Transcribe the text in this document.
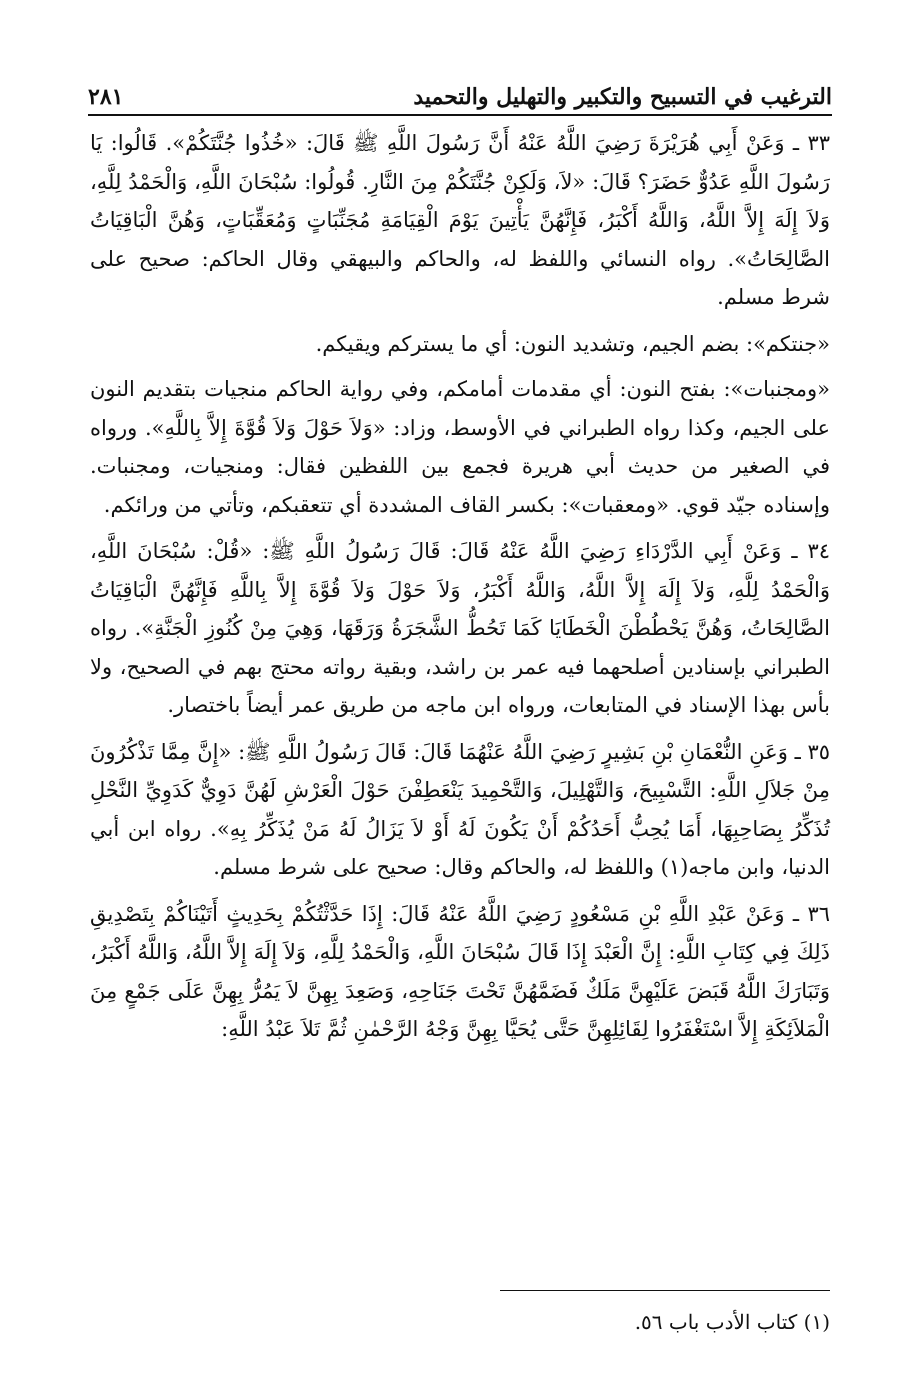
الترغيب في التسبيح والتكبير والتهليل والتحميد
٢٨١

٣٣ ـ وَعَنْ أَبِي هُرَيْرَةَ رَضِيَ اللَّهُ عَنْهُ أَنَّ رَسُولَ اللَّهِ ﷺ قَالَ: «خُذُوا جُنَّتَكُمْ». قَالُوا: يَا رَسُولَ اللَّهِ عَدُوٌّ حَضَرَ؟ قَالَ: «لاَ، وَلَكِنْ جُنَّتَكُمْ مِنَ النَّارِ. قُولُوا: سُبْحَانَ اللَّهِ، وَالْحَمْدُ لِلَّهِ، وَلاَ إِلَهَ إِلاَّ اللَّهُ، وَاللَّهُ أَكْبَرُ، فَإِنَّهُنَّ يَأْتِينَ يَوْمَ الْقِيَامَةِ مُجَنِّبَاتٍ وَمُعَقِّبَاتٍ، وَهُنَّ الْبَاقِيَاتُ الصَّالِحَاتُ». رواه النسائي واللفظ له، والحاكم والبيهقي وقال الحاكم: صحيح على شرط مسلم.

«جنتكم»: بضم الجيم، وتشديد النون: أي ما يستركم ويقيكم.

«ومجنبات»: بفتح النون: أي مقدمات أمامكم، وفي رواية الحاكم منجيات بتقديم النون على الجيم، وكذا رواه الطبراني في الأوسط، وزاد: «وَلاَ حَوْلَ وَلاَ قُوَّةَ إِلاَّ بِاللَّهِ». ورواه في الصغير من حديث أبي هريرة فجمع بين اللفظين فقال: ومنجيات، ومجنبات. وإسناده جيّد قوي. «ومعقبات»: بكسر القاف المشددة أي تتعقبكم، وتأتي من ورائكم.

٣٤ ـ وَعَنْ أَبِي الدَّرْدَاءِ رَضِيَ اللَّهُ عَنْهُ قَالَ: قَالَ رَسُولُ اللَّهِ ﷺ: «قُلْ: سُبْحَانَ اللَّهِ، وَالْحَمْدُ لِلَّهِ، وَلاَ إِلَهَ إِلاَّ اللَّهُ، وَاللَّهُ أَكْبَرُ، وَلاَ حَوْلَ وَلاَ قُوَّةَ إِلاَّ بِاللَّهِ فَإِنَّهُنَّ الْبَاقِيَاتُ الصَّالِحَاتُ، وَهُنَّ يَحْطُطْنَ الْخَطَايَا كَمَا تَحُطُّ الشَّجَرَةُ وَرَقَهَا، وَهِيَ مِنْ كُنُوزِ الْجَنَّةِ». رواه الطبراني بإسنادين أصلحهما فيه عمر بن راشد، وبقية رواته محتج بهم في الصحيح، ولا بأس بهذا الإسناد في المتابعات، ورواه ابن ماجه من طريق عمر أيضاً باختصار.

٣٥ ـ وَعَنِ النُّعْمَانِ بْنِ بَشِيرٍ رَضِيَ اللَّهُ عَنْهُمَا قَالَ: قَالَ رَسُولُ اللَّهِ ﷺ: «إِنَّ مِمَّا تَذْكُرُونَ مِنْ جَلاَلِ اللَّهِ: التَّسْبِيحَ، وَالتَّهْلِيلَ، وَالتَّحْمِيدَ يَنْعَطِفْنَ حَوْلَ الْعَرْشِ لَهُنَّ دَوِيٌّ كَدَوِيِّ النَّحْلِ تُذَكِّرُ بِصَاحِبِهَا، أَمَا يُحِبُّ أَحَدُكُمْ أَنْ يَكُونَ لَهُ أَوْ لاَ يَزَالُ لَهُ مَنْ يُذَكِّرُ بِهِ». رواه ابن أبي الدنيا، وابن ماجه(١) واللفظ له، والحاكم وقال: صحيح على شرط مسلم.

٣٦ ـ وَعَنْ عَبْدِ اللَّهِ بْنِ مَسْعُودٍ رَضِيَ اللَّهُ عَنْهُ قَالَ: إِذَا حَدَّثْتُكُمْ بِحَدِيثٍ أَتَيْنَاكُمْ بِتَصْدِيقِ ذَلِكَ فِي كِتَابِ اللَّهِ: إِنَّ الْعَبْدَ إِذَا قَالَ سُبْحَانَ اللَّهِ، وَالْحَمْدُ لِلَّهِ، وَلاَ إِلَهَ إِلاَّ اللَّهُ، وَاللَّهُ أَكْبَرُ، وَتَبَارَكَ اللَّهُ قَبَضَ عَلَيْهِنَّ مَلَكٌ فَضَمَّهُنَّ تَحْتَ جَنَاحِهِ، وَصَعِدَ بِهِنَّ لاَ يَمُرُّ بِهِنَّ عَلَى جَمْعٍ مِنَ الْمَلاَئِكَةِ إِلاَّ اسْتَغْفَرُوا لِقَائِلِهِنَّ حَتَّى يُحَيَّا بِهِنَّ وَجْهُ الرَّحْمٰنِ ثُمَّ تَلاَ عَبْدُ اللَّهِ:

(١) كتاب الأدب باب ٥٦.
